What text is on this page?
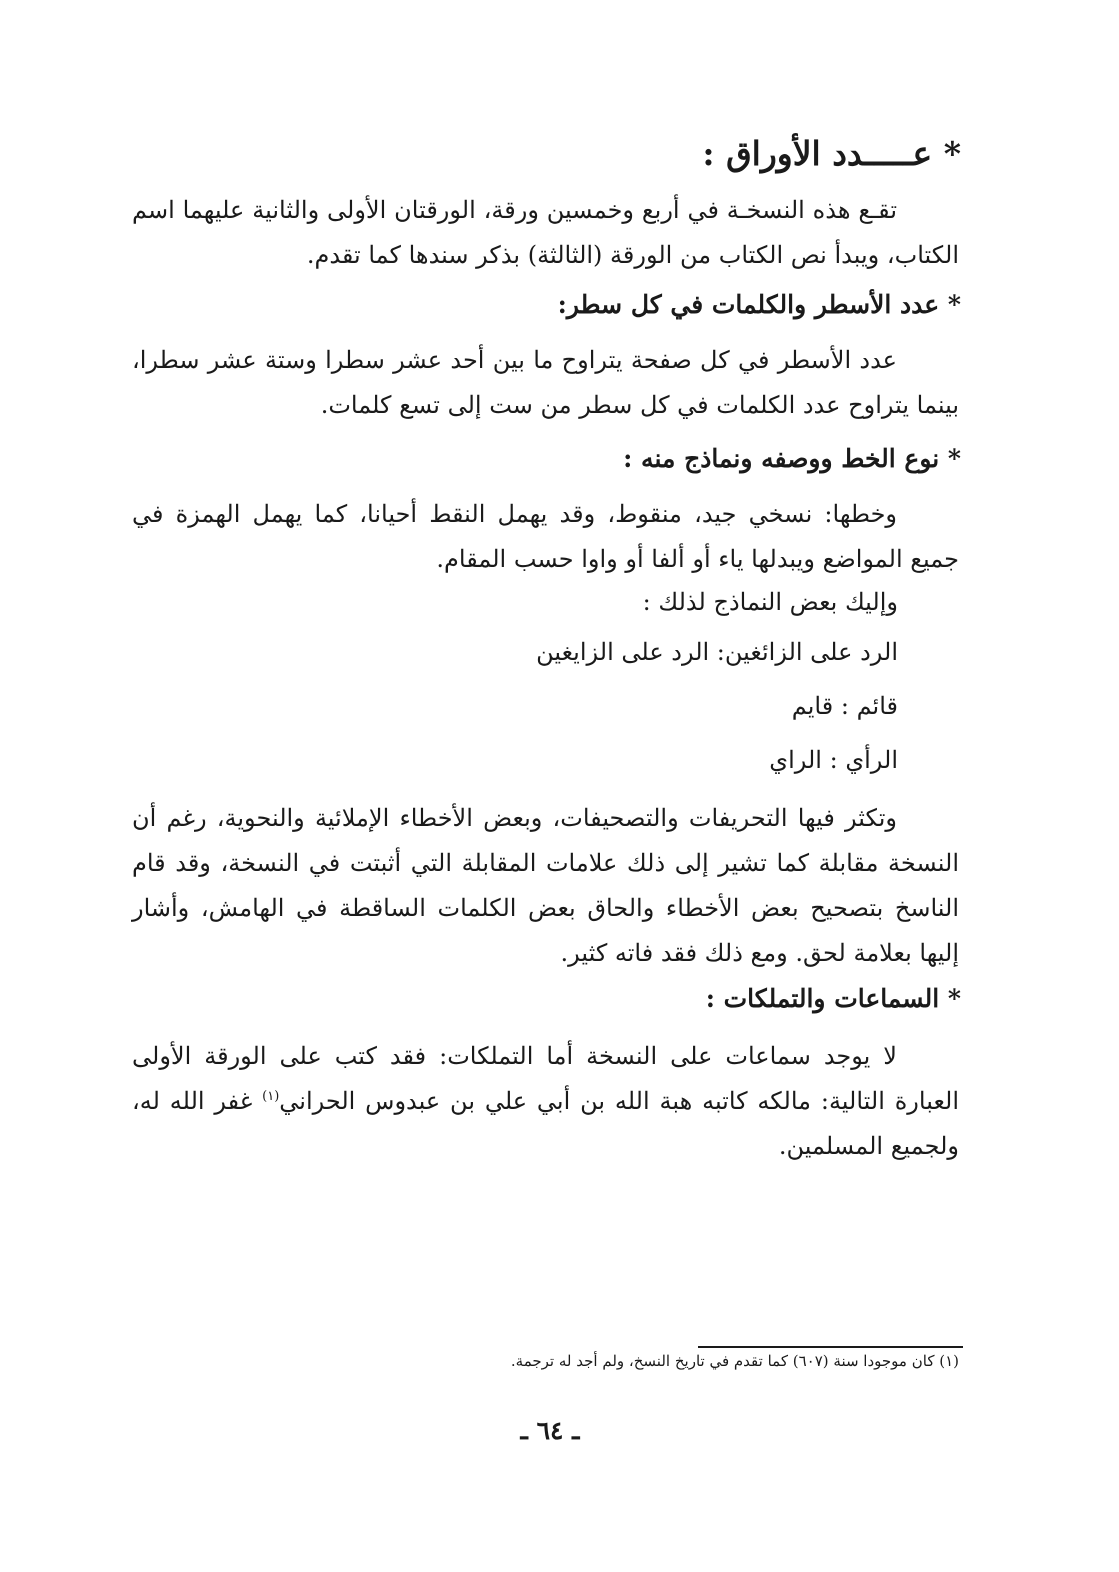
* عـــــدد الأوراق :
تقـع هذه النسخـة في أربع وخمسين ورقة، الورقتان الأولى والثانية عليهما اسم الكتاب، ويبدأ نص الكتاب من الورقة (الثالثة) بذكر سندها كما تقدم.
* عدد الأسطر والكلمات في كل سطر:
عدد الأسطر في كل صفحة يتراوح ما بين أحد عشر سطرا وستة عشر سطرا، بينما يتراوح عدد الكلمات في كل سطر من ست إلى تسع كلمات.
* نوع الخط ووصفه ونماذج منه :
وخطها: نسخي جيد، منقوط، وقد يهمل النقط أحيانا، كما يهمل الهمزة في جميع المواضع ويبدلها ياء أو ألفا أو واوا حسب المقام.
وإليك بعض النماذج لذلك :
الرد على الزائغين: الرد على الزايغين
قائم : قايم
الرأي : الراي
وتكثر فيها التحريفات والتصحيفات، وبعض الأخطاء الإملائية والنحوية، رغم أن النسخة مقابلة كما تشير إلى ذلك علامات المقابلة التي أثبتت في النسخة، وقد قام الناسخ بتصحيح بعض الأخطاء والحاق بعض الكلمات الساقطة في الهامش، وأشار إليها بعلامة لحق. ومع ذلك فقد فاته كثير.
* السماعات والتملكات :
لا يوجد سماعات على النسخة أما التملكات: فقد كتب على الورقة الأولى العبارة التالية: مالكه كاتبه هبة الله بن أبي علي بن عبدوس الحراني$^{(١)}$ غفر الله له، ولجميع المسلمين.
(١) كان موجودا سنة (٦٠٧) كما تقدم في تاريخ النسخ، ولم أجد له ترجمة.
ـ ٦٤ ـ
